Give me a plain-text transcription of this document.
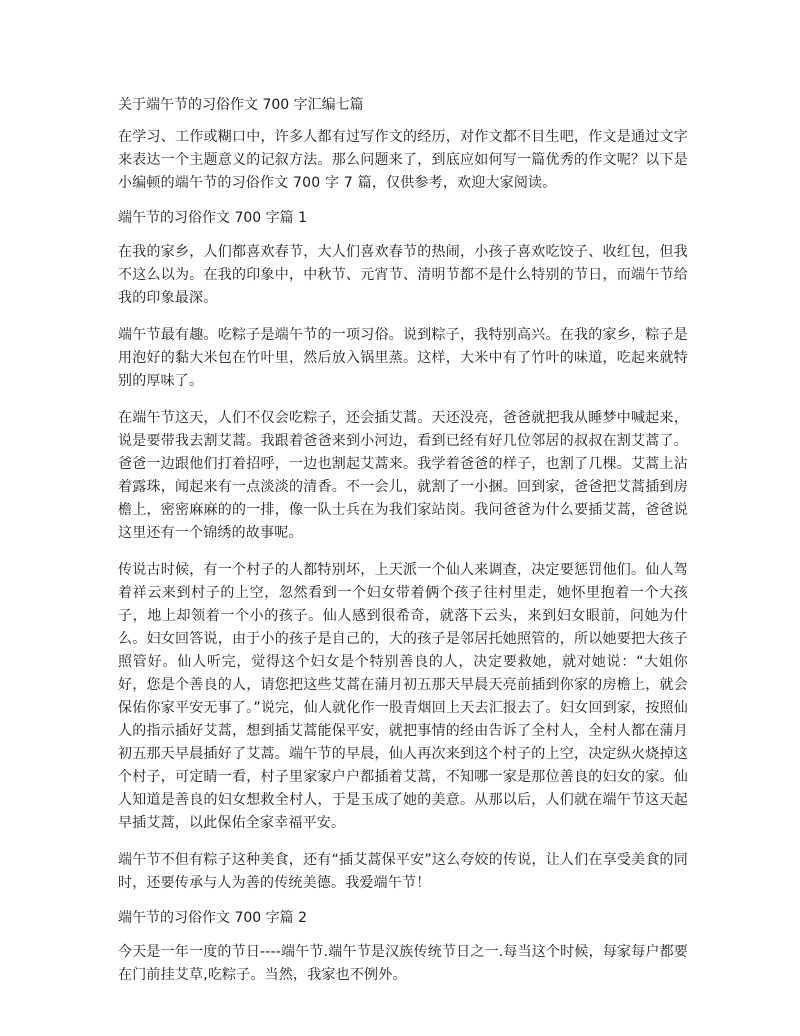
关于端午节的习俗作文 700 字汇编七篇

在学习、工作或糊口中，许多人都有过写作文的经历，对作文都不目生吧，作文是通过文字来表达一个主题意义的记叙方法。那么问题来了，到底应如何写一篇优秀的作文呢？以下是小编顿的端午节的习俗作文 700 字 7 篇，仅供参考，欢迎大家阅读。

端午节的习俗作文 700 字篇 1

在我的家乡，人们都喜欢春节，大人们喜欢春节的热闹，小孩子喜欢吃饺子、收红包，但我不这么以为。在我的印象中，中秋节、元宵节、清明节都不是什么特别的节日，而端午节给我的印象最深。

端午节最有趣。吃粽子是端午节的一项习俗。说到粽子，我特别高兴。在我的家乡，粽子是用泡好的黏大米包在竹叶里，然后放入锅里蒸。这样，大米中有了竹叶的味道，吃起来就特别的厚味了。

在端午节这天，人们不仅会吃粽子，还会插艾蒿。天还没亮，爸爸就把我从睡梦中喊起来，说是要带我去割艾蒿。我跟着爸爸来到小河边，看到已经有好几位邻居的叔叔在割艾蒿了。爸爸一边跟他们打着招呼，一边也割起艾蒿来。我学着爸爸的样子，也割了几棵。艾蒿上沾着露珠，闻起来有一点淡淡的清香。不一会儿，就割了一小捆。回到家，爸爸把艾蒿插到房檐上，密密麻麻的的一排，像一队士兵在为我们家站岗。我问爸爸为什么要插艾蒿，爸爸说这里还有一个锦绣的故事呢。

传说古时候，有一个村子的人都特别坏，上天派一个仙人来调查，决定要惩罚他们。仙人驾着祥云来到村子的上空，忽然看到一个妇女带着俩个孩子往村里走，她怀里抱着一个大孩子，地上却领着一个小的孩子。仙人感到很希奇，就落下云头，来到妇女眼前，问她为什么。妇女回答说，由于小的孩子是自己的，大的孩子是邻居托她照管的，所以她要把大孩子照管好。仙人听完，觉得这个妇女是个特别善良的人，决定要救她，就对她说：“大姐你好，您是个善良的人，请您把这些艾蒿在蒲月初五那天早晨天亮前插到你家的房檐上，就会保佑你家平安无事了。”说完，仙人就化作一股青烟回上天去汇报去了。妇女回到家，按照仙人的指示插好艾蒿，想到插艾蒿能保平安，就把事情的经由告诉了全村人，全村人都在蒲月初五那天早晨插好了艾蒿。端午节的早晨，仙人再次来到这个村子的上空，决定纵火烧掉这个村子，可定睛一看，村子里家家户户都插着艾蒿，不知哪一家是那位善良的妇女的家。仙人知道是善良的妇女想救全村人，于是玉成了她的美意。从那以后，人们就在端午节这天起早插艾蒿，以此保佑全家幸福平安。

端午节不但有粽子这种美食，还有“插艾蒿保平安”这么夸姣的传说，让人们在享受美食的同时，还要传承与人为善的传统美德。我爱端午节！

端午节的习俗作文 700 字篇 2

今天是一年一度的节日----端午节.端午节是汉族传统节日之一.每当这个时候，每家每户都要在门前挂艾草,吃粽子。当然，我家也不例外。
